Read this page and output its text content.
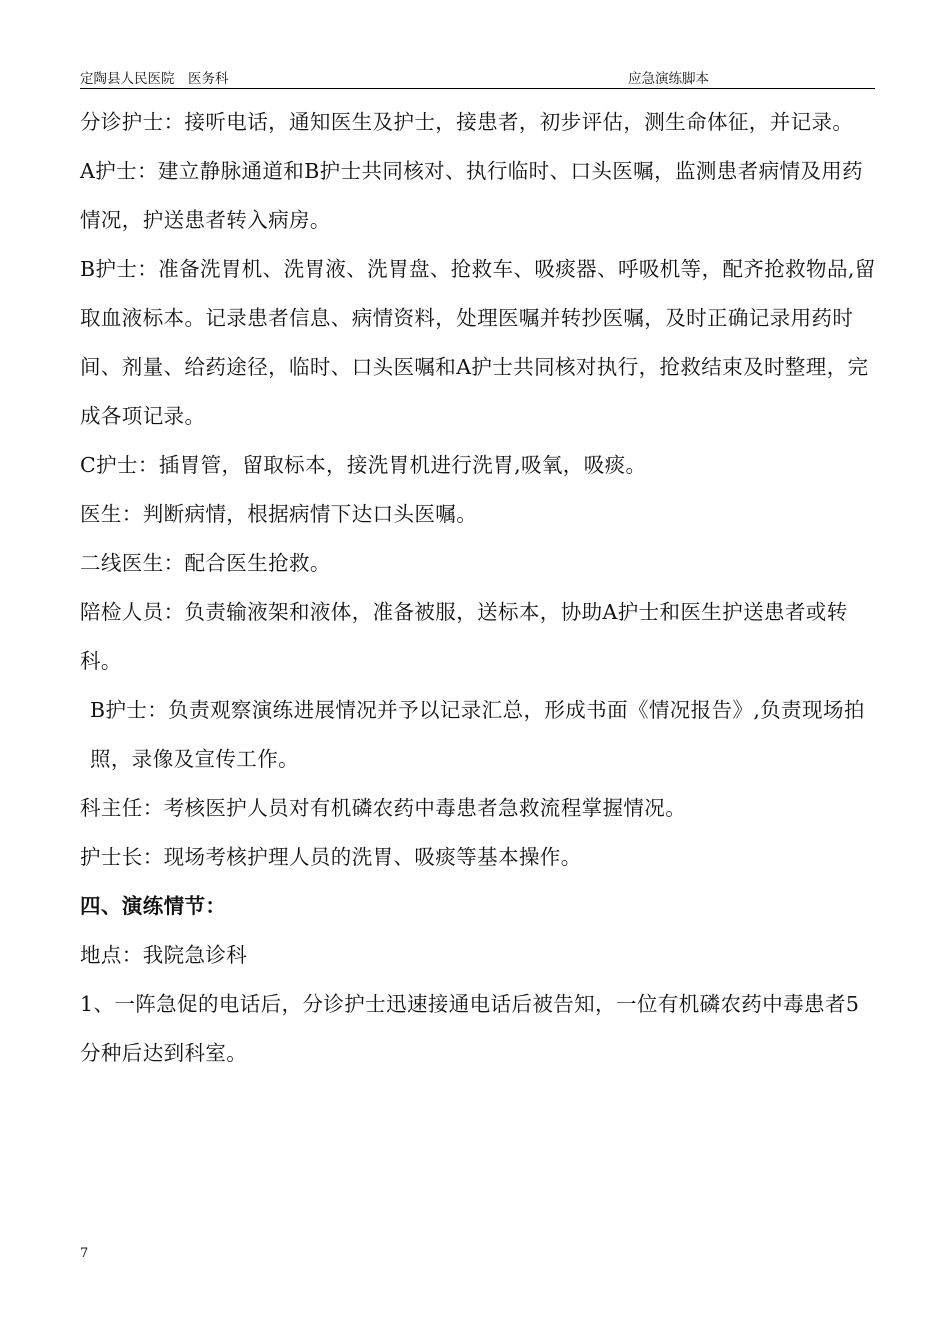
定陶县人民医院　医务科	应急演练脚本

分诊护士：接听电话，通知医生及护士，接患者，初步评估，测生命体征，并记录。

A护士：建立静脉通道和B护士共同核对、执行临时、口头医嘱，监测患者病情及用药情况，护送患者转入病房。

B护士：准备洗胃机、洗胃液、洗胃盘、抢救车、吸痰器、呼吸机等，配齐抢救物品,留取血液标本。记录患者信息、病情资料，处理医嘱并转抄医嘱，及时正确记录用药时间、剂量、给药途径，临时、口头医嘱和A护士共同核对执行，抢救结束及时整理，完成各项记录。

C护士：插胃管，留取标本，接洗胃机进行洗胃,吸氧，吸痰。

医生：判断病情，根据病情下达口头医嘱。

二线医生：配合医生抢救。

陪检人员：负责输液架和液体，准备被服，送标本，协助A护士和医生护送患者或转科。

B护士：负责观察演练进展情况并予以记录汇总，形成书面《情况报告》,负责现场拍照，录像及宣传工作。

科主任：考核医护人员对有机磷农药中毒患者急救流程掌握情况。

护士长：现场考核护理人员的洗胃、吸痰等基本操作。

四、演练情节：

地点：我院急诊科

1、一阵急促的电话后，分诊护士迅速接通电话后被告知，一位有机磷农药中毒患者5分种后达到科室。

7
